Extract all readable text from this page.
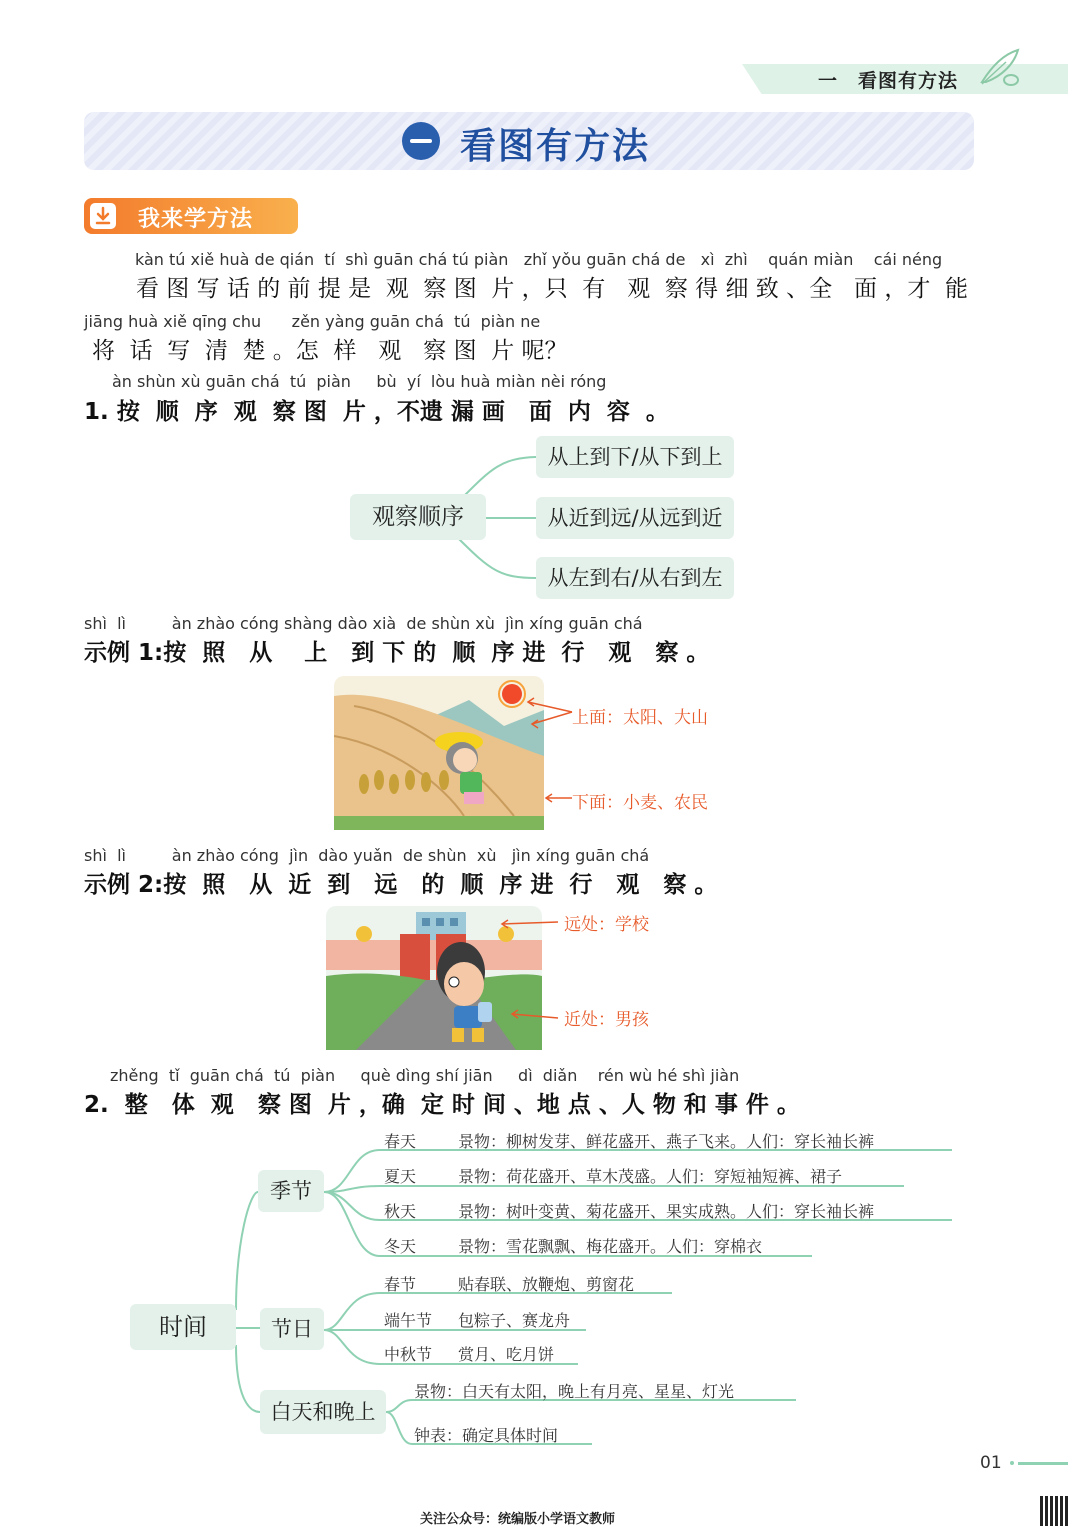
一　看图有方法
看图有方法
我来学方法
kàn tú xiě huà de qián  tí  shì guān chá tú piàn   zhǐ yǒu guān chá de   xì  zhì    quán miàn    cái néng
看 图 写 话 的 前 提 是  观  察 图  片 ，只  有   观  察 得 细 致 、全   面 ，才  能
jiāng huà xiě qīng chu      zěn yàng guān chá  tú  piàn ne
将  话  写  清  楚 。怎  样   观   察 图  片 呢？
àn shùn xù guān chá  tú  piàn     bù  yí  lòu huà miàn nèi róng
1. 按  顺  序  观  察 图  片 ，不遗 漏 画   面  内  容  。
观察顺序
从上到下/从下到上
从近到远/从远到近
从左到右/从右到左
shì  lì         àn zhào cóng shàng dào xià  de shùn xù  jìn xíng guān chá
示例 1:按  照   从    上   到 下 的  顺  序 进  行   观   察 。
上面：太阳、大山
下面：小麦、农民
shì  lì         àn zhào cóng  jìn  dào yuǎn  de shùn  xù   jìn xíng guān chá
示例 2:按  照   从  近  到   远   的  顺  序 进  行   观   察 。
远处：学校
近处：男孩
zhěng  tǐ  guān chá  tú  piàn     què dìng shí jiān     dì  diǎn    rén wù hé shì jiàn
2.  整   体  观   察 图  片 ，确  定 时 间 、地 点 、人 物 和 事 件 。
时间
季节
节日
白天和晚上
春天	景物：柳树发芽、鲜花盛开、燕子飞来。人们：穿长袖长裤
夏天	景物：荷花盛开、草木茂盛。人们：穿短袖短裤、裙子
秋天	景物：树叶变黄、菊花盛开、果实成熟。人们：穿长袖长裤
冬天	景物：雪花飘飘、梅花盛开。人们：穿棉衣
春节	贴春联、放鞭炮、剪窗花
端午节 包粽子、赛龙舟
中秋节 赏月、吃月饼
景物：白天有太阳，晚上有月亮、星星、灯光
钟表：确定具体时间
01
关注公众号：统编版小学语文教师
